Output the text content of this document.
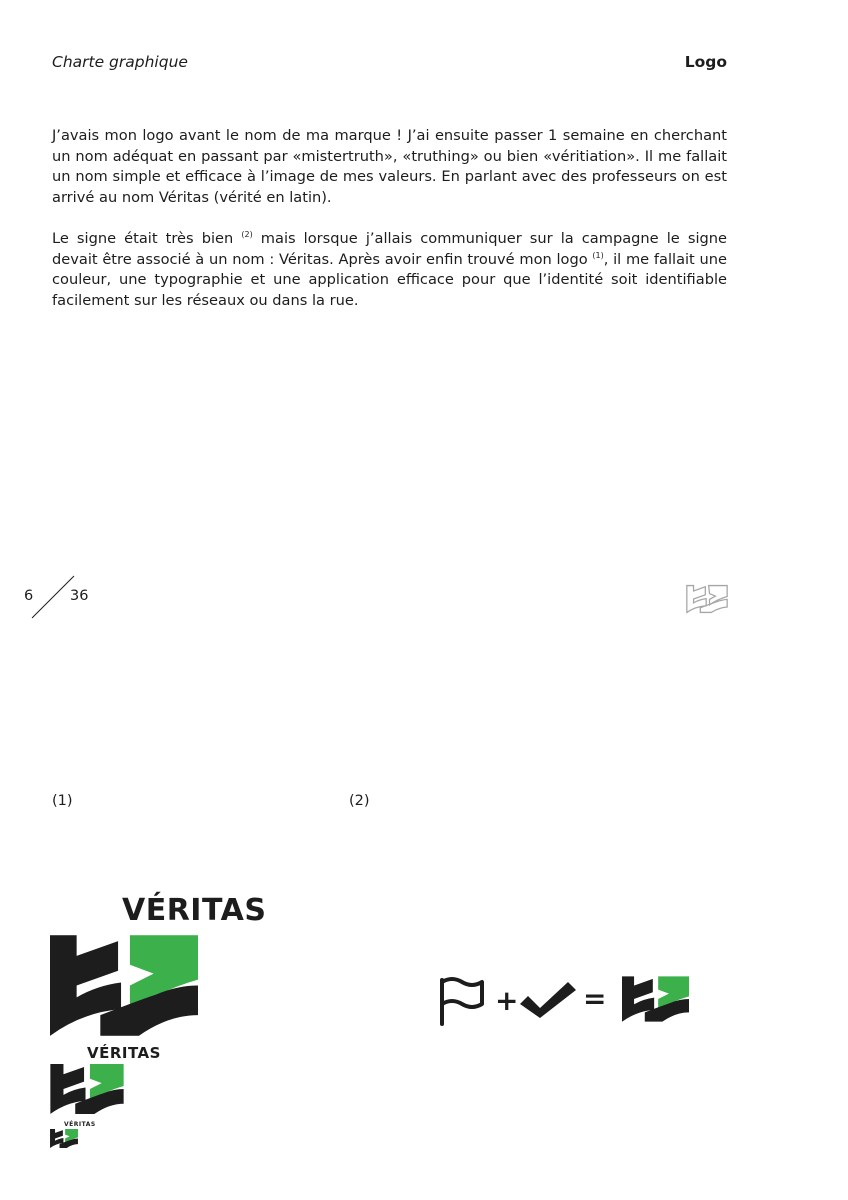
Charte graphique	Logo

J’avais mon logo avant le nom de ma marque ! J’ai ensuite passer 1 semaine en cherchant un nom adéquat en passant par «mistertruth», «truthing» ou bien «véritiation». Il me fallait un nom simple et efficace à l’image de mes valeurs. En parlant avec des professeurs on est arrivé au nom Véritas (vérité en latin).

Le signe était très bien $^{(2)}$ mais lorsque j’allais communiquer sur la campagne le signe devait être associé à un nom : Véritas. Après avoir enfin trouvé mon logo $^{(1)}$, il me fallait une couleur, une typographie et une application efficace pour que l’identité soit identifiable facilement sur les réseaux ou dans la rue.

6	36
(1)	(2)
VÉRITAS
VÉRITAS
VÉRITAS
+ =
